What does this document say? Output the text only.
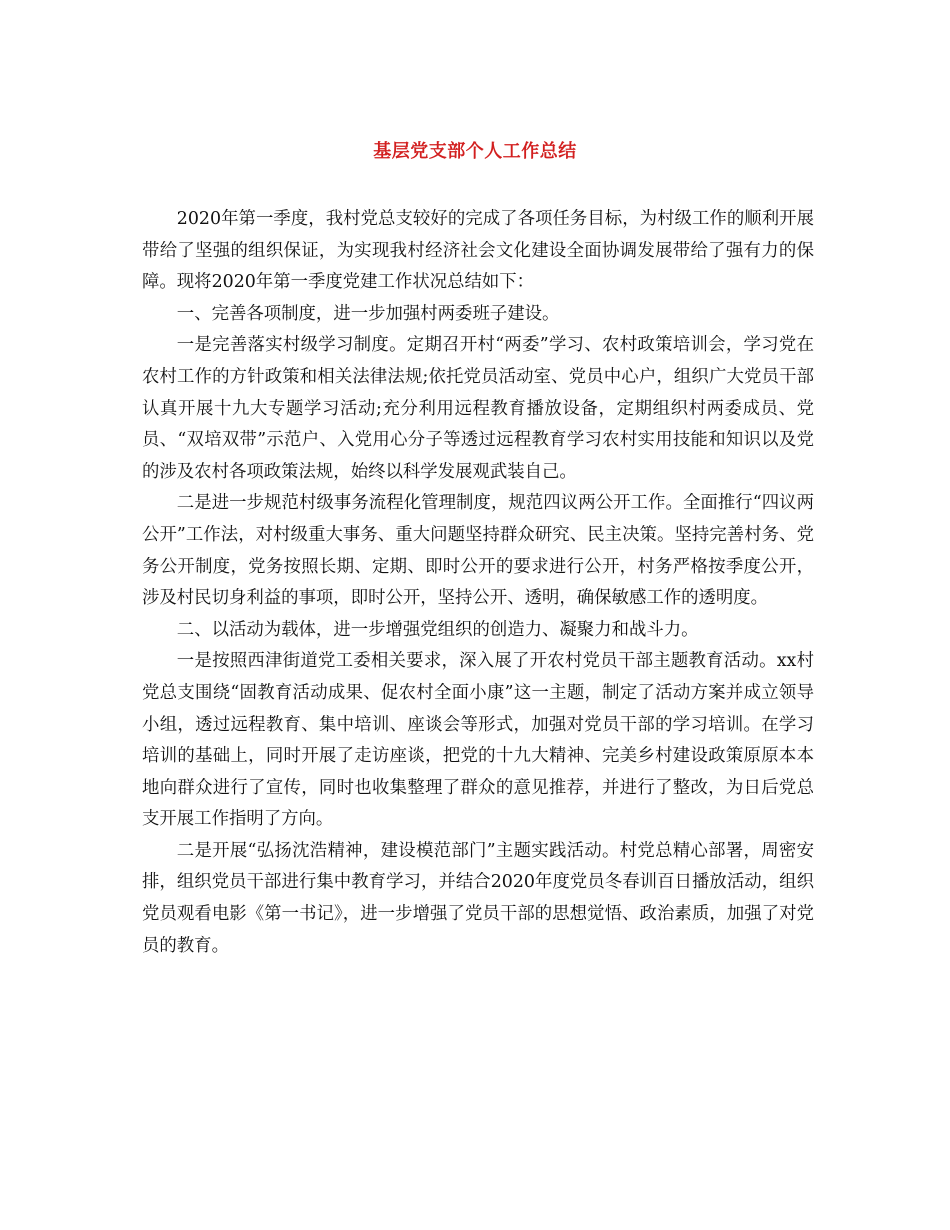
基层党支部个人工作总结

2020年第一季度，我村党总支较好的完成了各项任务目标，为村级工作的顺利开展带给了坚强的组织保证，为实现我村经济社会文化建设全面协调发展带给了强有力的保障。现将2020年第一季度党建工作状况总结如下：

一、完善各项制度，进一步加强村两委班子建设。

一是完善落实村级学习制度。定期召开村“两委”学习、农村政策培训会，学习党在农村工作的方针政策和相关法律法规;依托党员活动室、党员中心户，组织广大党员干部认真开展十九大专题学习活动;充分利用远程教育播放设备，定期组织村两委成员、党员、“双培双带”示范户、入党用心分子等透过远程教育学习农村实用技能和知识以及党的涉及农村各项政策法规，始终以科学发展观武装自己。

二是进一步规范村级事务流程化管理制度，规范四议两公开工作。全面推行“四议两公开”工作法，对村级重大事务、重大问题坚持群众研究、民主决策。坚持完善村务、党务公开制度，党务按照长期、定期、即时公开的要求进行公开，村务严格按季度公开，涉及村民切身利益的事项，即时公开，坚持公开、透明，确保敏感工作的透明度。

二、以活动为载体，进一步增强党组织的创造力、凝聚力和战斗力。

一是按照西津街道党工委相关要求，深入展了开农村党员干部主题教育活动。xx村党总支围绕“固教育活动成果、促农村全面小康”这一主题，制定了活动方案并成立领导小组，透过远程教育、集中培训、座谈会等形式，加强对党员干部的学习培训。在学习培训的基础上，同时开展了走访座谈，把党的十九大精神、完美乡村建设政策原原本本地向群众进行了宣传，同时也收集整理了群众的意见推荐，并进行了整改，为日后党总支开展工作指明了方向。

二是开展“弘扬沈浩精神，建设模范部门”主题实践活动。村党总精心部署，周密安排，组织党员干部进行集中教育学习，并结合2020年度党员冬春训百日播放活动，组织党员观看电影《第一书记》，进一步增强了党员干部的思想觉悟、政治素质，加强了对党员的教育。
